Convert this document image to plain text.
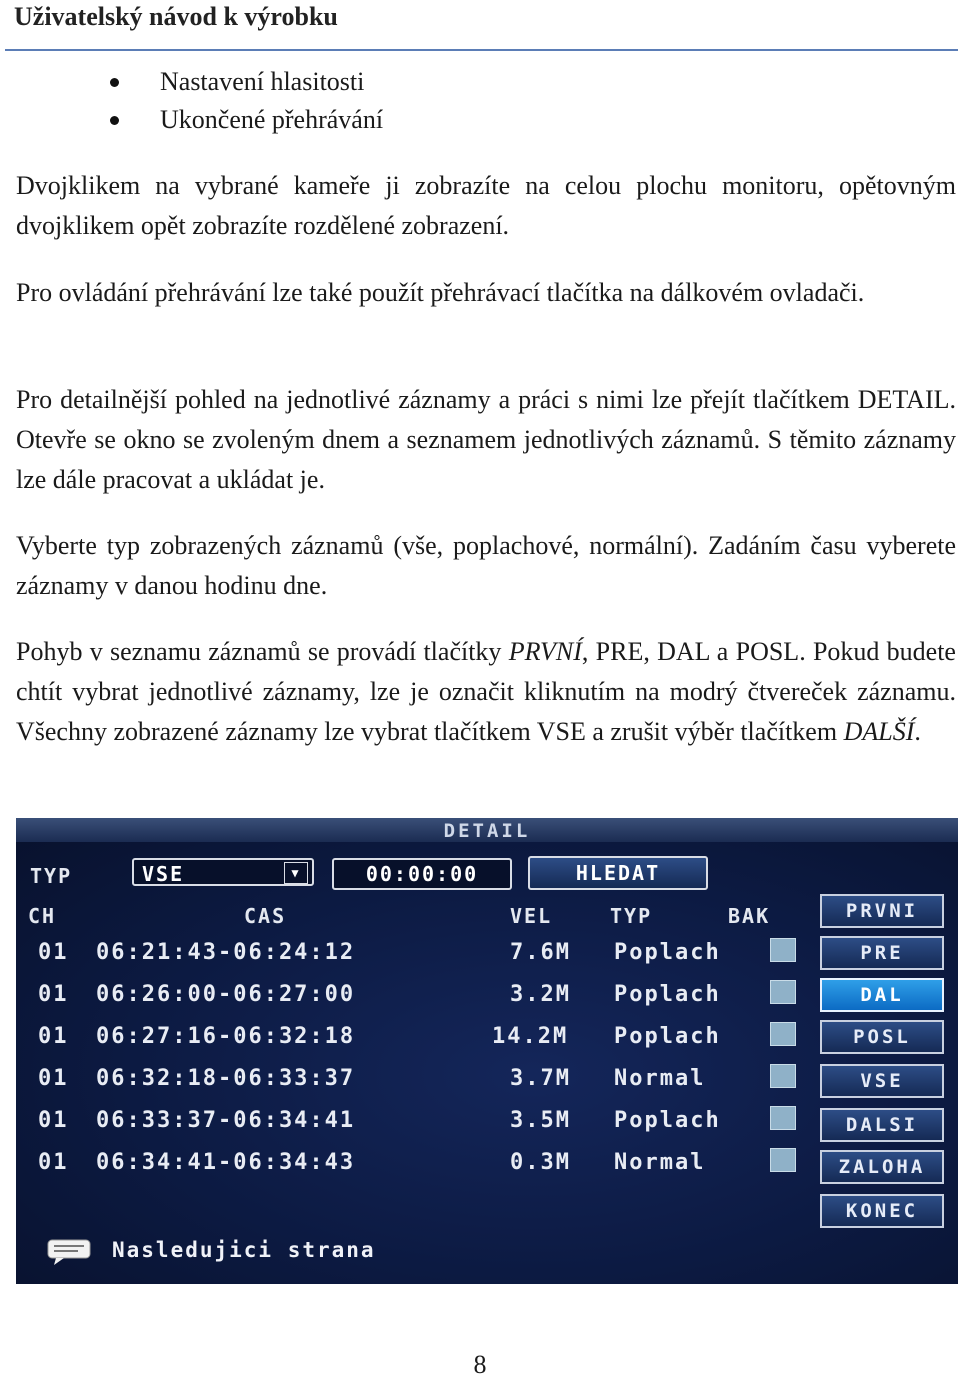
Uživatelský návod k výrobku
Nastavení hlasitosti
Ukončené přehrávání

Dvojklikem na vybrané kameře ji zobrazíte na celou plochu monitoru, opětovným dvojklikem opět zobrazíte rozdělené zobrazení.

Pro ovládání přehrávání lze také použít přehrávací tlačítka na dálkovém ovladači.

Pro detailnější pohled na jednotlivé záznamy a práci s nimi lze přejít tlačítkem DETAIL. Otevře se okno se zvoleným dnem a seznamem jednotlivých záznamů. S těmito záznamy lze dále pracovat a ukládat je.

Vyberte typ zobrazených záznamů (vše, poplachové, normální). Zadáním času vyberete záznamy v danou hodinu dne.

Pohyb v seznamu záznamů se provádí tlačítky PRVNÍ, PRE, DAL a POSL. Pokud budete chtít vybrat jednotlivé záznamy, lze je označit kliknutím na modrý čtvereček záznamu. Všechny zobrazené záznamy lze vybrat tlačítkem VSE a zrušit výběr tlačítkem DALŠÍ.

DETAIL
TYP	VSE	▼	00:00:00	HLEDAT
CH	CAS	VEL	TYP	BAK
01 06:21:43-06:24:12	7.6M Poplach
01 06:26:00-06:27:00	3.2M Poplach
01 06:27:16-06:32:18	14.2M Poplach
01 06:32:18-06:33:37	3.7M Normal
01 06:33:37-06:34:41	3.5M Poplach
01 06:34:41-06:34:43	0.3M Normal
PRVNI
PRE
DAL
POSL
VSE
DALSI
ZALOHA
KONEC
Nasledujici strana
8
